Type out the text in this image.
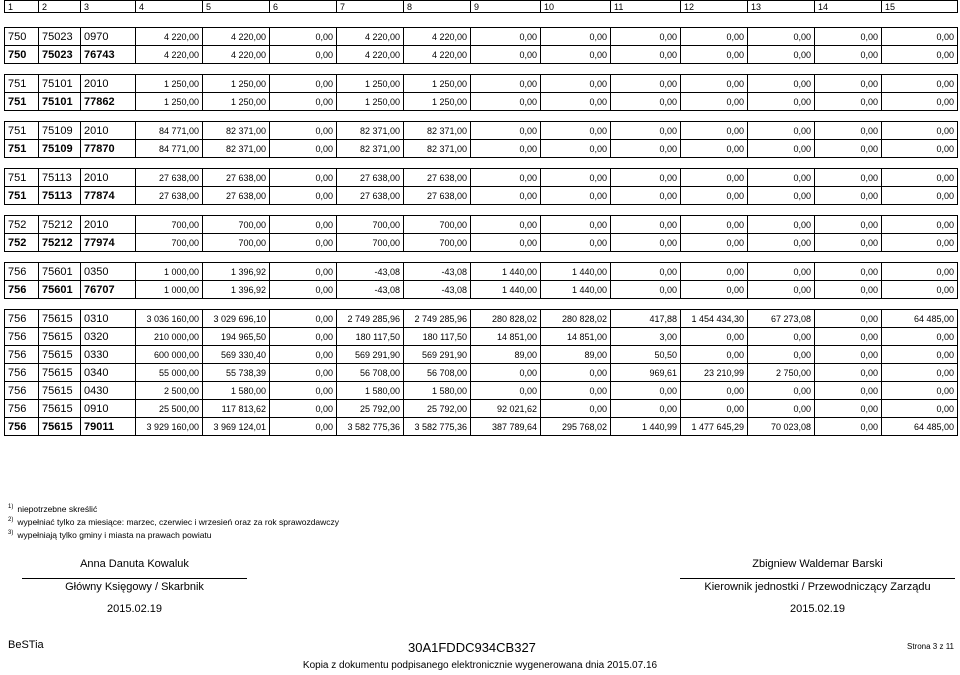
1	2	3	4	5	6	7	8	9	10	11	12	13	14	15
750	75023	0970	4 220,00	4 220,00	0,00	4 220,00	4 220,00	0,00	0,00	0,00	0,00	0,00	0,00	0,00
750	75023	76743	4 220,00	4 220,00	0,00	4 220,00	4 220,00	0,00	0,00	0,00	0,00	0,00	0,00	0,00

751	75101	2010	1 250,00	1 250,00	0,00	1 250,00	1 250,00	0,00	0,00	0,00	0,00	0,00	0,00	0,00
751	75101	77862	1 250,00	1 250,00	0,00	1 250,00	1 250,00	0,00	0,00	0,00	0,00	0,00	0,00	0,00

751	75109	2010	84 771,00	82 371,00	0,00	82 371,00	82 371,00	0,00	0,00	0,00	0,00	0,00	0,00	0,00
751	75109	77870	84 771,00	82 371,00	0,00	82 371,00	82 371,00	0,00	0,00	0,00	0,00	0,00	0,00	0,00

751	75113	2010	27 638,00	27 638,00	0,00	27 638,00	27 638,00	0,00	0,00	0,00	0,00	0,00	0,00	0,00
751	75113	77874	27 638,00	27 638,00	0,00	27 638,00	27 638,00	0,00	0,00	0,00	0,00	0,00	0,00	0,00

752	75212	2010	700,00	700,00	0,00	700,00	700,00	0,00	0,00	0,00	0,00	0,00	0,00	0,00
752	75212	77974	700,00	700,00	0,00	700,00	700,00	0,00	0,00	0,00	0,00	0,00	0,00	0,00

756	75601	0350	1 000,00	1 396,92	0,00	-43,08	-43,08	1 440,00	1 440,00	0,00	0,00	0,00	0,00	0,00
756	75601	76707	1 000,00	1 396,92	0,00	-43,08	-43,08	1 440,00	1 440,00	0,00	0,00	0,00	0,00	0,00

756	75615	0310	3 036 160,00	3 029 696,10	0,00	2 749 285,96	2 749 285,96	280 828,02	280 828,02	417,88	1 454 434,30	67 273,08	0,00	64 485,00
756	75615	0320	210 000,00	194 965,50	0,00	180 117,50	180 117,50	14 851,00	14 851,00	3,00	0,00	0,00	0,00	0,00
756	75615	0330	600 000,00	569 330,40	0,00	569 291,90	569 291,90	89,00	89,00	50,50	0,00	0,00	0,00	0,00
756	75615	0340	55 000,00	55 738,39	0,00	56 708,00	56 708,00	0,00	0,00	969,61	23 210,99	2 750,00	0,00	0,00
756	75615	0430	2 500,00	1 580,00	0,00	1 580,00	1 580,00	0,00	0,00	0,00	0,00	0,00	0,00	0,00
756	75615	0910	25 500,00	117 813,62	0,00	25 792,00	25 792,00	92 021,62	0,00	0,00	0,00	0,00	0,00	0,00
756	75615	79011	3 929 160,00	3 969 124,01	0,00	3 582 775,36	3 582 775,36	387 789,64	295 768,02	1 440,99	1 477 645,29	70 023,08	0,00	64 485,00
$^{1)}$ niepotrzebne skreślić
$^{2)}$ wypełniać tylko za miesiące: marzec, czerwiec i wrzesień oraz za rok sprawozdawczy
$^{3)}$ wypełniają tylko gminy i miasta na prawach powiatu
Anna Danuta Kowaluk
Główny Księgowy / Skarbnik
2015.02.19
Zbigniew Waldemar Barski
Kierownik jednostki / Przewodniczący Zarządu
2015.02.19
BeSTia	30A1FDDC934CB327	Strona 3 z 11
Kopia z dokumentu podpisanego elektronicznie wygenerowana dnia 2015.07.16
